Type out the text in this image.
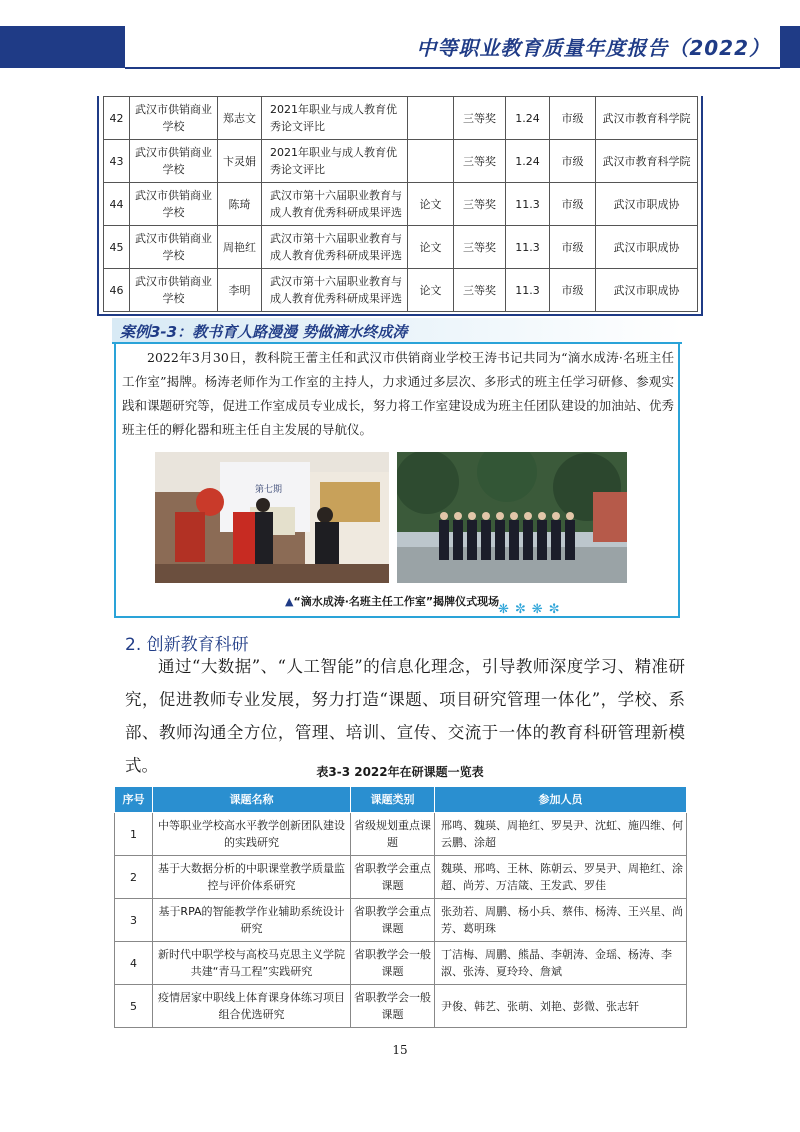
中等职业教育质量年度报告（2022）
42	武汉市供销商业学校	郑志文	2021年职业与成人教育优秀论文评比		三等奖	1.24	市级	武汉市教育科学院
43	武汉市供销商业学校	卞灵娟	2021年职业与成人教育优秀论文评比		三等奖	1.24	市级	武汉市教育科学院
44	武汉市供销商业学校	陈琦	武汉市第十六届职业教育与成人教育优秀科研成果评选	论文	三等奖	11.3	市级	武汉市职成协
45	武汉市供销商业学校	周艳红	武汉市第十六届职业教育与成人教育优秀科研成果评选	论文	三等奖	11.3	市级	武汉市职成协
46	武汉市供销商业学校	李明	武汉市第十六届职业教育与成人教育优秀科研成果评选	论文	三等奖	11.3	市级	武汉市职成协
案例3-3：教书育人路漫漫 势做滴水终成涛
2022年3月30日，教科院王蕾主任和武汉市供销商业学校王涛书记共同为“滴水成涛·名班主任工作室”揭牌。杨涛老师作为工作室的主持人，力求通过多层次、多形式的班主任学习研修、参观实践和课题研究等，促进工作室成员专业成长，努力将工作室建设成为班主任团队建设的加油站、优秀班主任的孵化器和班主任自主发展的导航仪。
第七期
▲“滴水成涛·名班主任工作室”揭牌仪式现场
❋✼❋✼
2. 创新教育科研
通过“大数据”、“人工智能”的信息化理念，引导教师深度学习、精准研究，促进教师专业发展，努力打造“课题、项目研究管理一体化”，学校、系部、教师沟通全方位，管理、培训、宣传、交流于一体的教育科研管理新模式。	表3-3 2022年在研课题一览表
序号	课题名称	课题类别	参加人员
1	中等职业学校高水平教学创新团队建设的实践研究	省级规划重点课题	邢鸣、魏瑛、周艳红、罗昊尹、沈虹、施四维、何云鹏、涂超
2	基于大数据分析的中职课堂教学质量监控与评价体系研究	省职教学会重点课题	魏瑛、邢鸣、王林、陈朝云、罗昊尹、周艳红、涂超、尚芳、万洁箴、王发武、罗佳
3	基于RPA的智能教学作业辅助系统设计研究	省职教学会重点课题	张劲若、周鹏、杨小兵、蔡伟、杨涛、王兴星、尚芳、葛明珠
4	新时代中职学校与高校马克思主义学院共建“青马工程”实践研究	省职教学会一般课题	丁洁梅、周鹏、熊晶、李朝涛、金瑶、杨涛、李淑、张涛、夏玲玲、詹斌
5	疫情居家中职线上体育课身体练习项目组合优选研究	省职教学会一般课题	尹俊、韩艺、张萌、刘艳、彭微、张志轩
15
